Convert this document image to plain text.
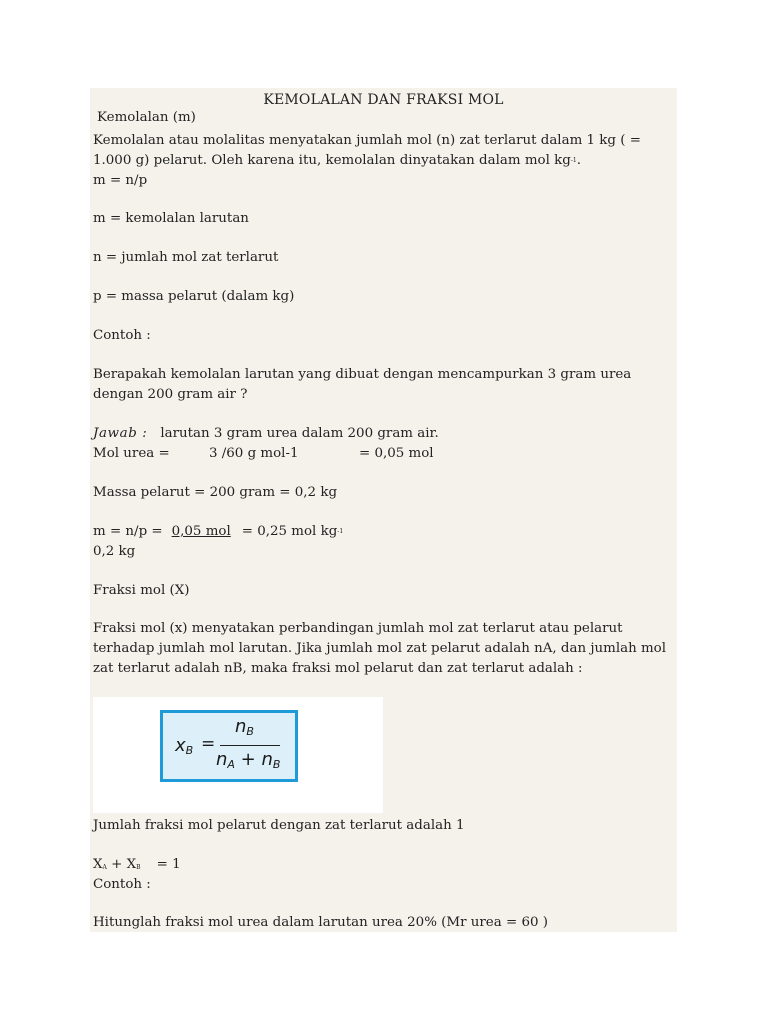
KEMOLALAN DAN FRAKSI MOL
Kemolalan (m)
Kemolalan atau molalitas menyatakan jumlah mol (n) zat terlarut dalam 1 kg ( =
1.000 g) pelarut. Oleh karena itu, kemolalan dinyatakan dalam mol $kg^{-1}$.
m = n/p
m = kemolalan larutan
n = jumlah mol zat terlarut
p = massa pelarut (dalam kg)
Contoh :
Berapakah kemolalan larutan yang dibuat dengan mencampurkan 3 gram urea
dengan 200 gram air ?
Jawab : larutan 3 gram urea dalam 200 gram air.
Mol urea =	3 /60 g mol-1	= 0,05 mol
Massa pelarut = 200 gram = 0,2 kg
m = n/p = 0,05 mol = 0,25 mol $kg^{-1}$
0,2 kg
Fraksi mol (X)
Fraksi mol (x) menyatakan perbandingan jumlah mol zat terlarut atau pelarut
terhadap jumlah mol larutan. Jika jumlah mol zat pelarut adalah nA, dan jumlah mol
zat terlarut adalah nB, maka fraksi mol pelarut dan zat terlarut adalah :
xB =
nB
nA + nB
Jumlah fraksi mol pelarut dengan zat terlarut adalah 1
XA + XB = 1
Contoh :
Hitunglah fraksi mol urea dalam larutan urea 20% (Mr urea = 60 )
